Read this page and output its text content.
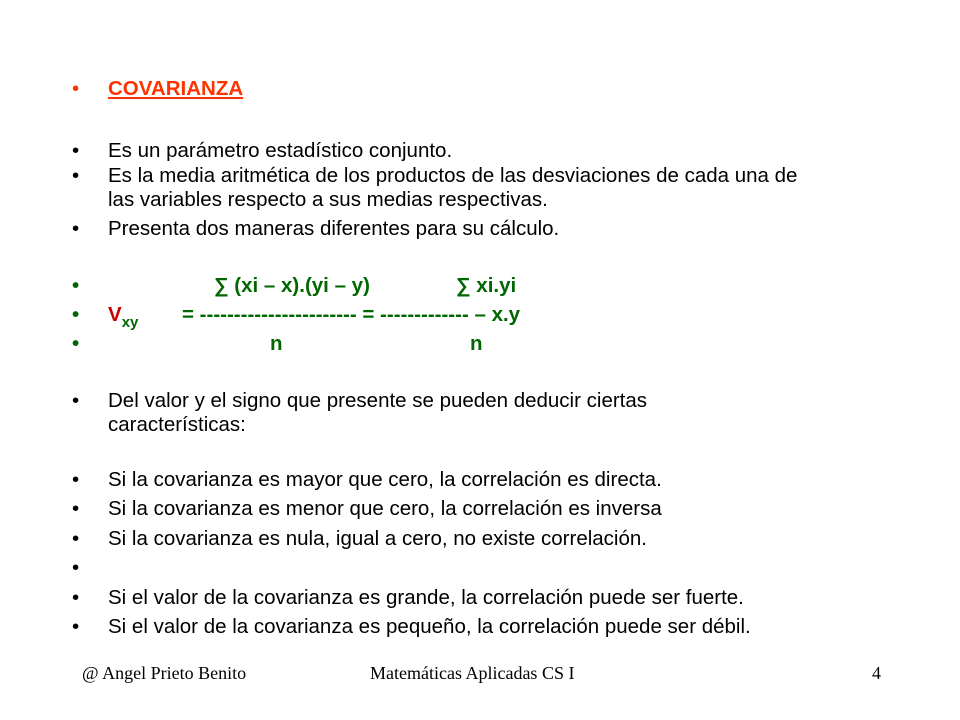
•	COVARIANZA
•	Es un parámetro estadístico conjunto.
•	Es la media aritmética de los productos de las desviaciones de cada una de las variables respecto a sus medias respectivas.
•	Presenta dos maneras diferentes para su cálculo.
•	∑ (xi – x).(yi – y)	∑ xi.yi
•	$V_{xy}$ = ----------------------- = ------------- – x.y
•	n	n
•	Del valor y el signo que presente se pueden deducir ciertas características:
•	Si la covarianza es mayor que cero, la correlación es directa.
•	Si la covarianza es menor que cero, la correlación es inversa
•	Si la covarianza es nula, igual a cero, no existe correlación.
•
•	Si el valor de la covarianza es grande, la correlación puede ser fuerte.
•	Si el valor de la covarianza es pequeño, la correlación puede ser débil.
@ Angel Prieto Benito	Matemáticas Aplicadas CS I	4
